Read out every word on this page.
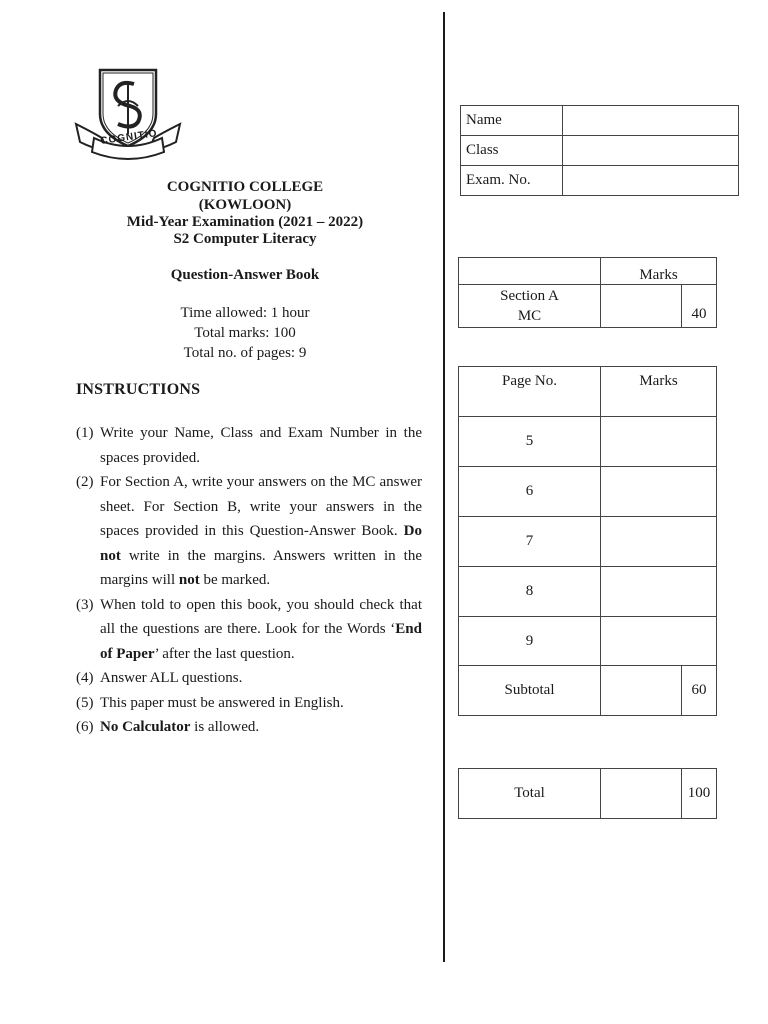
COGNITIO
COGNITIO COLLEGE
(KOWLOON)
Mid-Year Examination (2021 – 2022)
S2 Computer Literacy
Question-Answer Book
Time allowed: 1 hour
Total marks: 100
Total no. of pages: 9
INSTRUCTIONS
(1) Write your Name, Class and Exam Number in the spaces provided.
(2) For Section A, write your answers on the MC answer sheet. For Section B, write your answers in the spaces provided in this Question-Answer Book. Do not write in the margins. Answers written in the margins will not be marked.
(3) When told to open this book, you should check that all the questions are there. Look for the Words ‘End of Paper’ after the last question.
(4) Answer ALL questions.
(5) This paper must be answered in English.
(6) No Calculator is allowed.
Name	
Class	
Exam. No.	
	Marks	

Section A
MC		40
Page No.	Marks	
5		
6		
7		
8		
9		
Subtotal		60
Total		100
